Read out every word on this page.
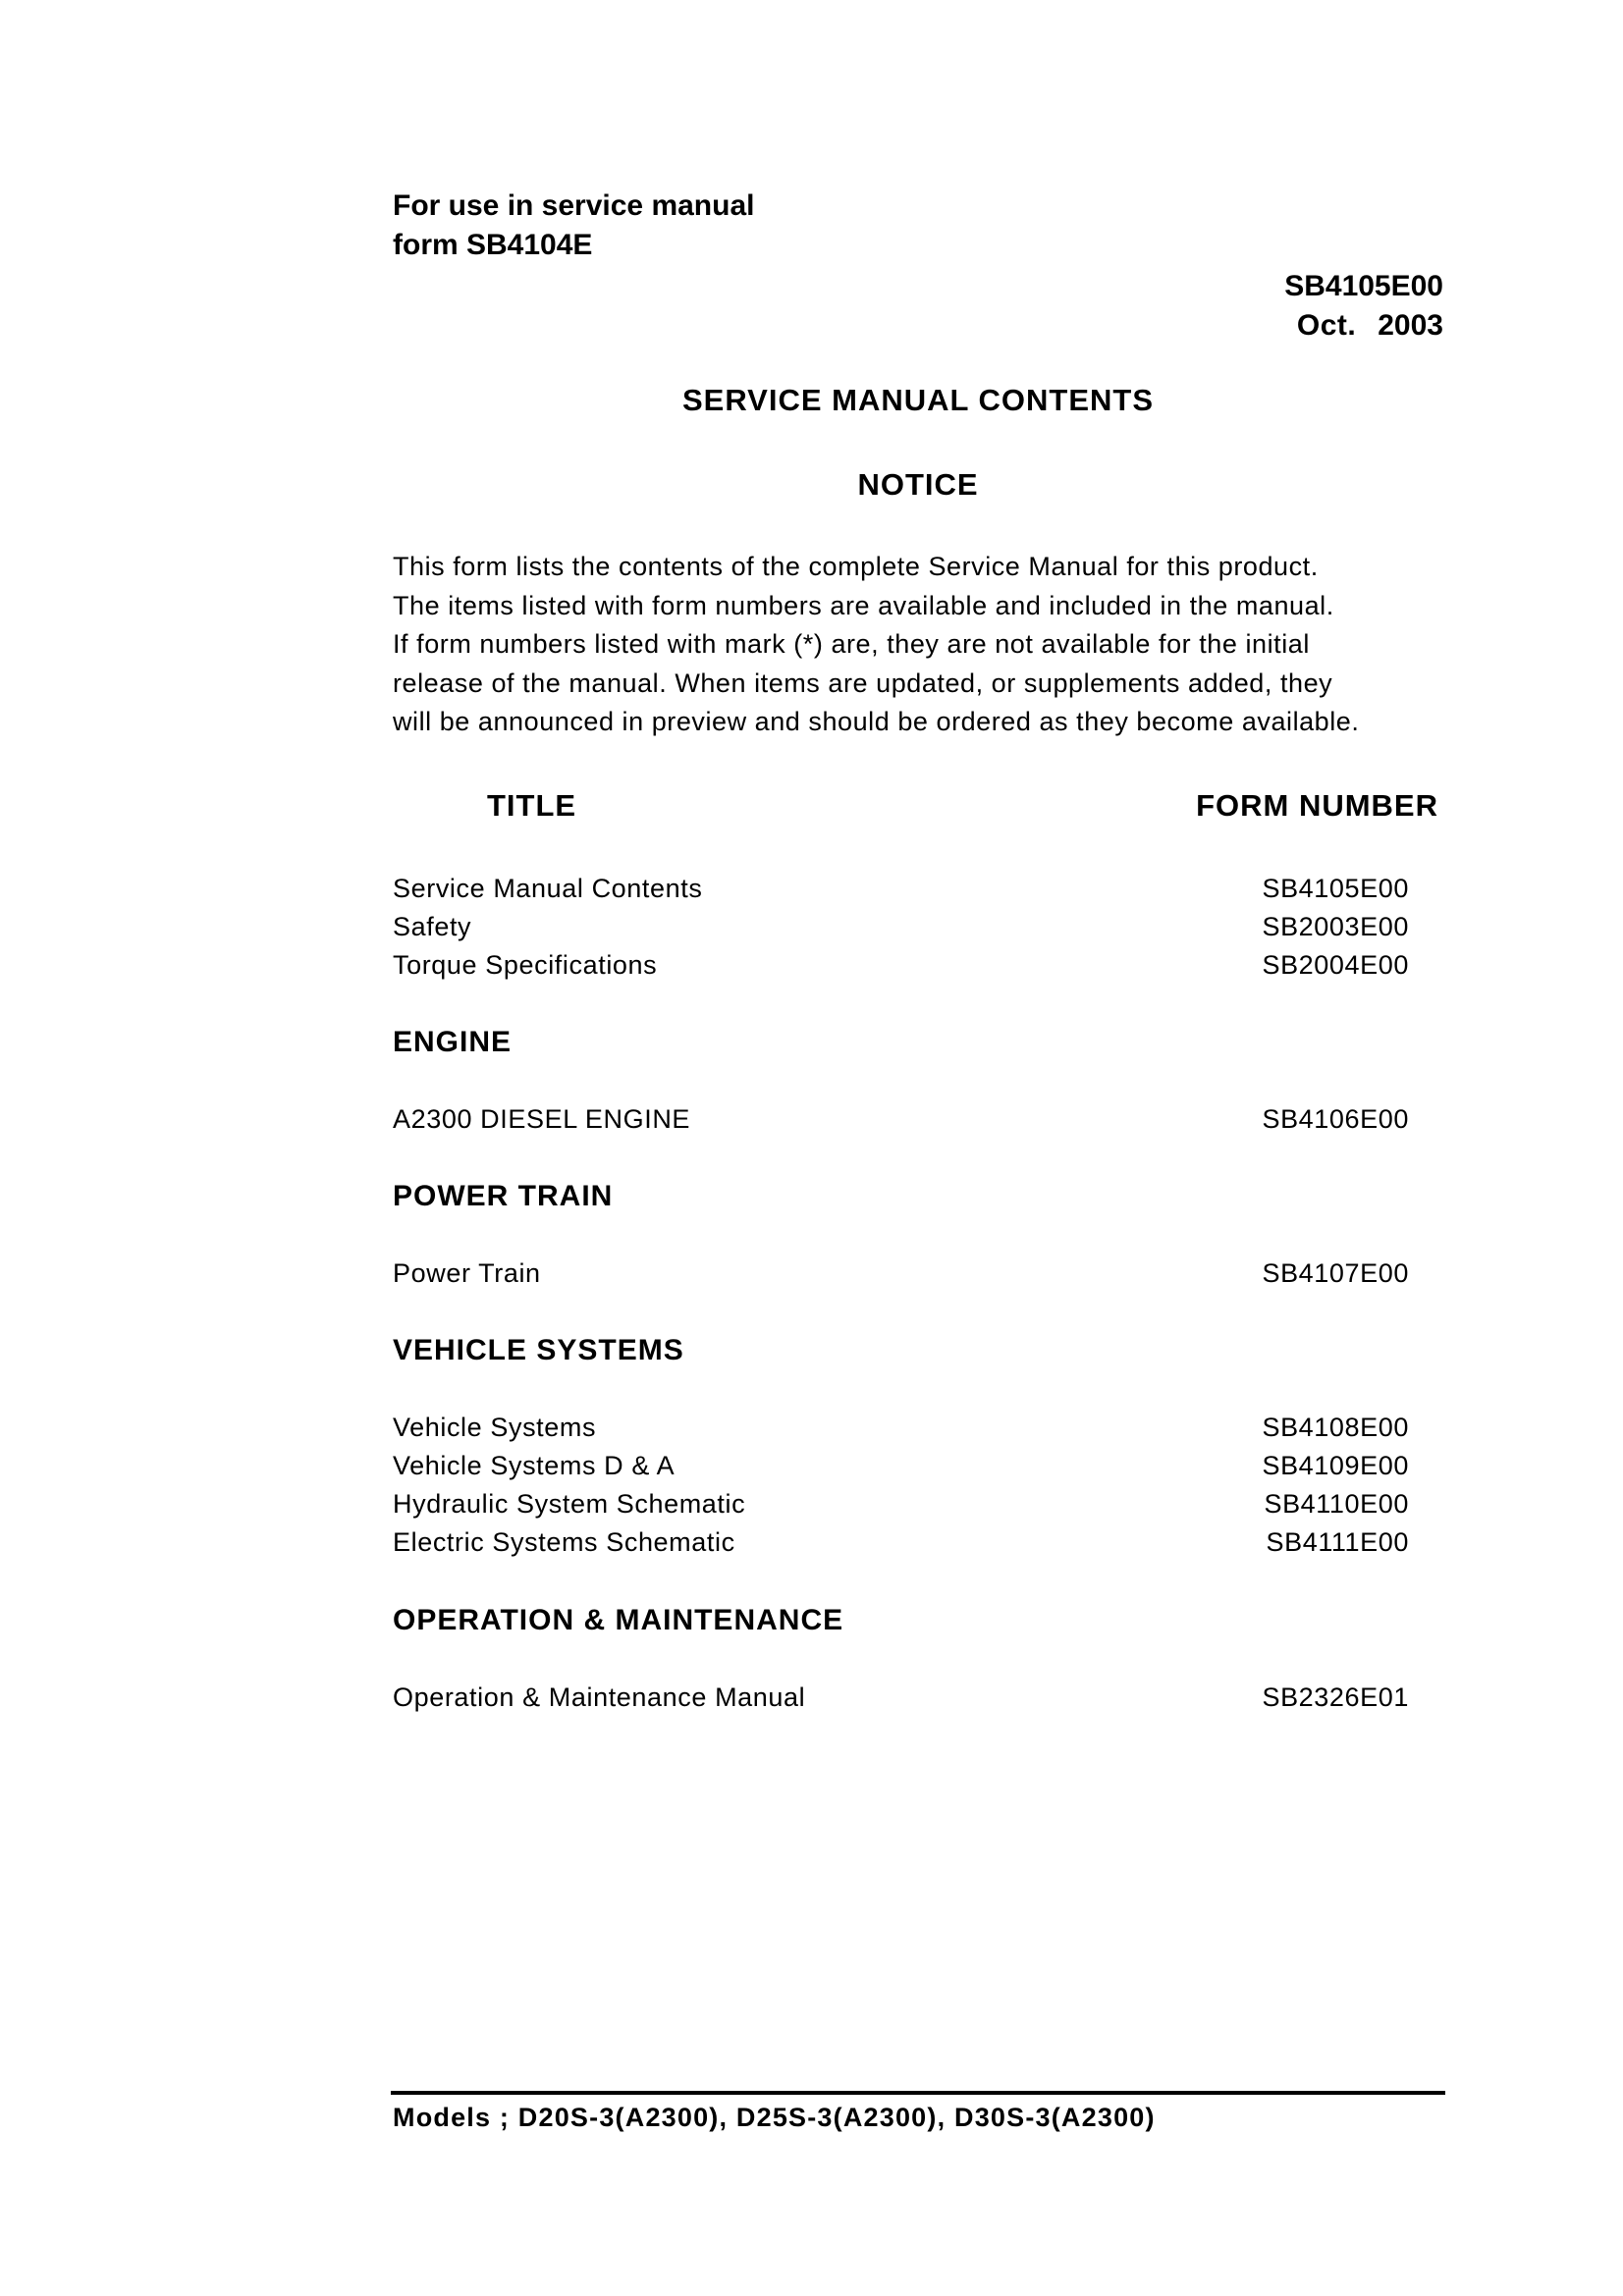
For use in service manual
form SB4104E
SB4105E00
Oct. 2003
SERVICE MANUAL CONTENTS
NOTICE
This form lists the contents of the complete Service Manual for this product.
The items listed with form numbers are available and included in the manual.
If form numbers listed with mark (*) are, they are not available for the initial
release of the manual. When items are updated, or supplements added, they
will be announced in preview and should be ordered as they become available.
TITLE	FORM NUMBER
Service Manual Contents	SB4105E00
Safety	SB2003E00
Torque Specifications	SB2004E00
ENGINE
A2300 DIESEL ENGINE	SB4106E00
POWER TRAIN
Power Train	SB4107E00
VEHICLE SYSTEMS
Vehicle Systems	SB4108E00
Vehicle Systems D & A	SB4109E00
Hydraulic System Schematic	SB4110E00
Electric Systems Schematic	SB4111E00
OPERATION & MAINTENANCE
Operation & Maintenance Manual	SB2326E01
Models ; D20S-3(A2300), D25S-3(A2300), D30S-3(A2300)
